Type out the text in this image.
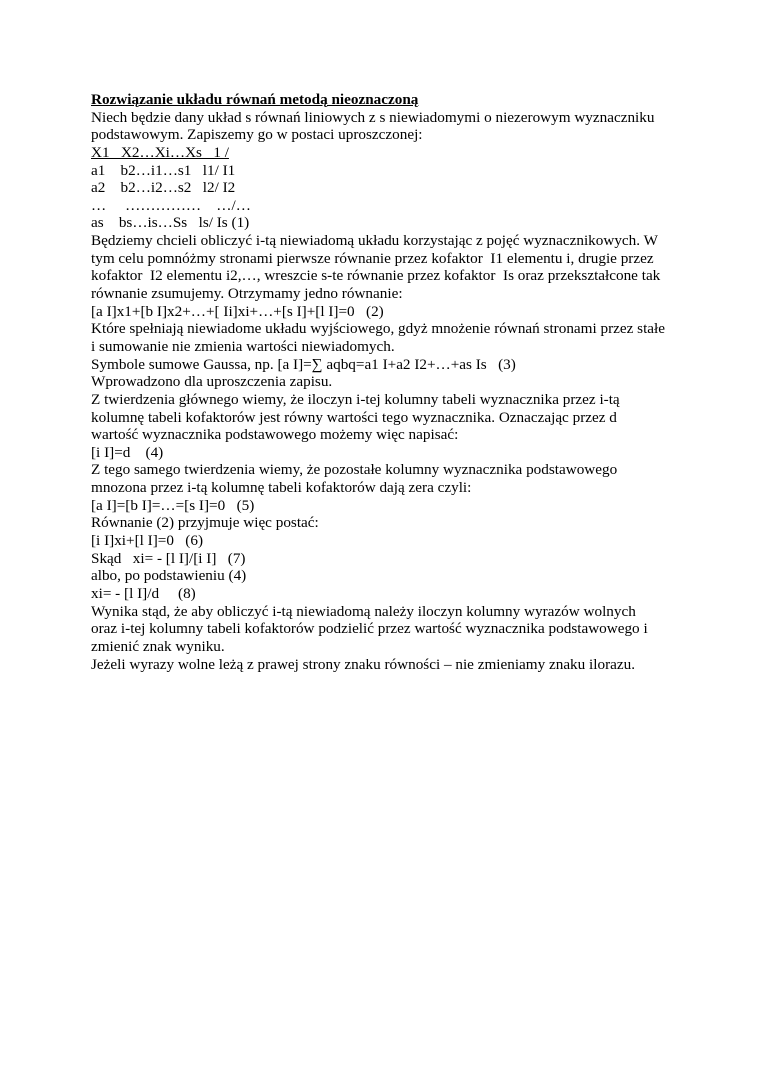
Rozwiązanie układu równań metodą nieoznaczoną
Niech będzie dany układ s równań liniowych z s niewiadomymi o niezerowym wyznaczniku
podstawowym. Zapiszemy go w postaci uproszczonej:
X1   X2…Xi…Xs   1 /
a1    b2…i1…s1   l1/ I1
a2    b2…i2…s2   l2/ I2
…     ……………    …/…
as    bs…is…Ss   ls/ Is (1)
Będziemy chcieli obliczyć i-tą niewiadomą układu korzystając z pojęć wyznacznikowych. W
tym celu pomnóżmy stronami pierwsze równanie przez kofaktor  I1 elementu i, drugie przez
kofaktor  I2 elementu i2,…, wreszcie s-te równanie przez kofaktor  Is oraz przekształcone tak
równanie zsumujemy. Otrzymamy jedno równanie:
[a I]x1+[b I]x2+…+[ Ii]xi+…+[s I]+[l I]=0   (2)
Które spełniają niewiadome układu wyjściowego, gdyż mnożenie równań stronami przez stałe
i sumowanie nie zmienia wartości niewiadomych.
Symbole sumowe Gaussa, np. [a I]=∑ aqbq=a1 I+a2 I2+…+as Is   (3)
Wprowadzono dla uproszczenia zapisu.
Z twierdzenia głównego wiemy, że iloczyn i-tej kolumny tabeli wyznacznika przez i-tą
kolumnę tabeli kofaktorów jest równy wartości tego wyznacznika. Oznaczając przez d
wartość wyznacznika podstawowego możemy więc napisać:
[i I]=d    (4)
Z tego samego twierdzenia wiemy, że pozostałe kolumny wyznacznika podstawowego
mnozona przez i-tą kolumnę tabeli kofaktorów dają zera czyli:
[a I]=[b I]=…=[s I]=0   (5)
Równanie (2) przyjmuje więc postać:
[i I]xi+[l I]=0   (6)
Skąd   xi= - [l I]/[i I]   (7)
albo, po podstawieniu (4)
xi= - [l I]/d     (8)
Wynika stąd, że aby obliczyć i-tą niewiadomą należy iloczyn kolumny wyrazów wolnych
oraz i-tej kolumny tabeli kofaktorów podzielić przez wartość wyznacznika podstawowego i
zmienić znak wyniku.
Jeżeli wyrazy wolne leżą z prawej strony znaku równości – nie zmieniamy znaku ilorazu.
